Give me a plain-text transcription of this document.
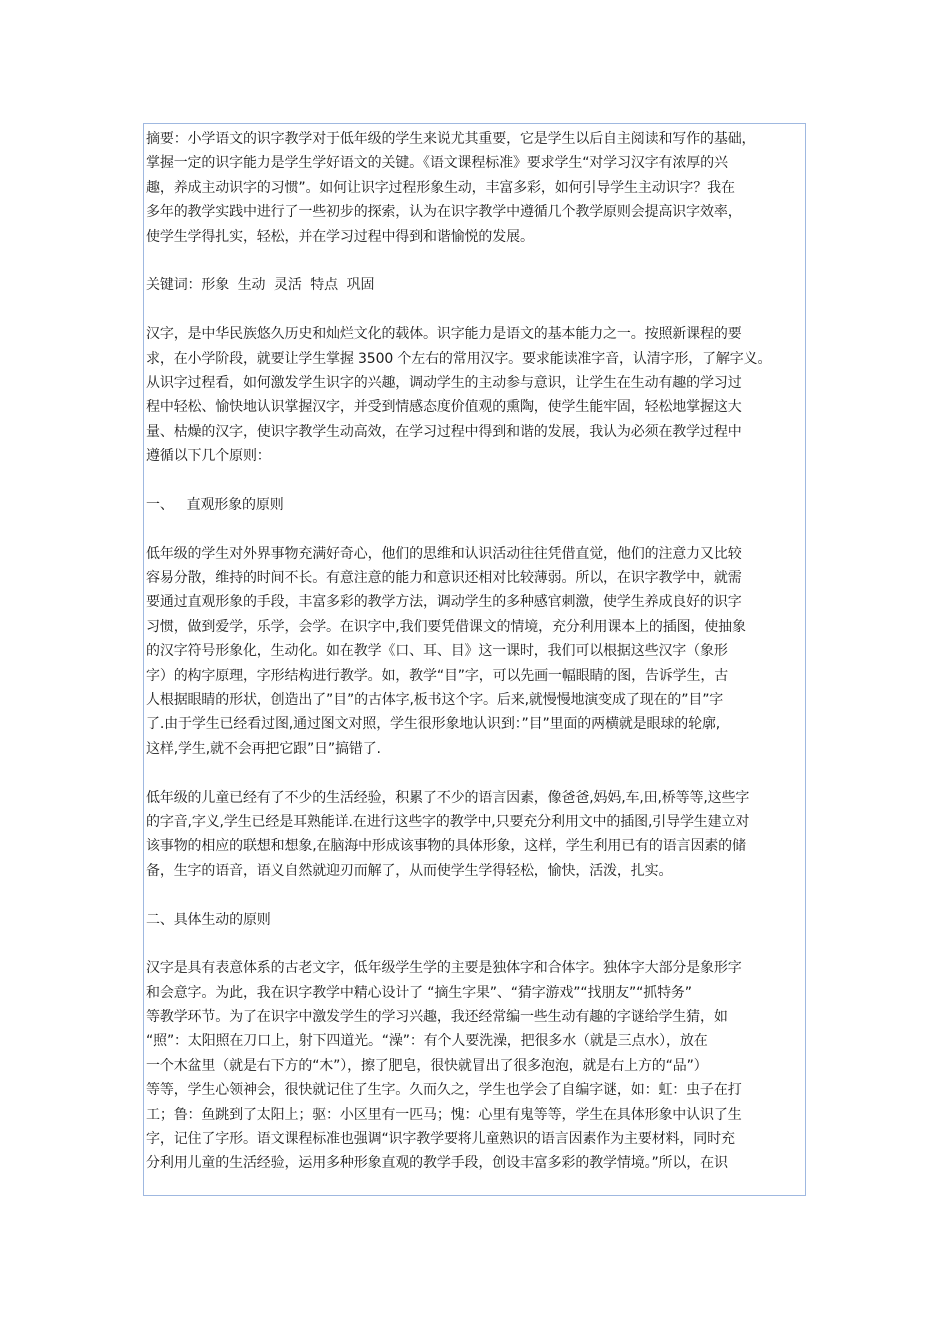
摘要：小学语文的识字教学对于低年级的学生来说尤其重要，它是学生以后自主阅读和写作的基础，
掌握一定的识字能力是学生学好语文的关键。《语文课程标准》要求学生“对学习汉字有浓厚的兴
趣，养成主动识字的习惯”。如何让识字过程形象生动，丰富多彩，如何引导学生主动识字？我在
多年的教学实践中进行了一些初步的探索，认为在识字教学中遵循几个教学原则会提高识字效率，
使学生学得扎实，轻松，并在学习过程中得到和谐愉悦的发展。
关键词：形象  生动  灵活  特点  巩固
汉字，是中华民族悠久历史和灿烂文化的载体。识字能力是语文的基本能力之一。按照新课程的要
求，在小学阶段，就要让学生掌握 3500 个左右的常用汉字。要求能读准字音，认清字形，了解字义。
从识字过程看，如何激发学生识字的兴趣，调动学生的主动参与意识，让学生在生动有趣的学习过
程中轻松、愉快地认识掌握汉字，并受到情感态度价值观的熏陶，使学生能牢固，轻松地掌握这大
量、枯燥的汉字，使识字教学生动高效，在学习过程中得到和谐的发展，我认为必须在教学过程中
遵循以下几个原则：
一、   直观形象的原则
低年级的学生对外界事物充满好奇心，他们的思维和认识活动往往凭借直觉，他们的注意力又比较
容易分散，维持的时间不长。有意注意的能力和意识还相对比较薄弱。所以，在识字教学中，就需
要通过直观形象的手段，丰富多彩的教学方法，调动学生的多种感官刺激，使学生养成良好的识字
习惯，做到爱学，乐学，会学。在识字中,我们要凭借课文的情境，充分利用课本上的插图，使抽象
的汉字符号形象化，生动化。如在教学《口、耳、目》这一课时，我们可以根据这些汉字（象形
字）的构字原理，字形结构进行教学。如，教学“目”字，可以先画一幅眼睛的图，告诉学生，古
人根据眼睛的形状，创造出了”目”的古体字,板书这个字。后来,就慢慢地演变成了现在的”目”字
了.由于学生已经看过图,通过图文对照，学生很形象地认识到：”目”里面的两横就是眼球的轮廓,
这样,学生,就不会再把它跟”日”搞错了.
低年级的儿童已经有了不少的生活经验，积累了不少的语言因素，像爸爸,妈妈,车,田,桥等等,这些字
的字音,字义,学生已经是耳熟能详.在进行这些字的教学中,只要充分利用文中的插图,引导学生建立对
该事物的相应的联想和想象,在脑海中形成该事物的具体形象，这样，学生利用已有的语言因素的储
备，生字的语音，语义自然就迎刃而解了，从而使学生学得轻松，愉快，活泼，扎实。
二、具体生动的原则
汉字是具有表意体系的古老文字，低年级学生学的主要是独体字和合体字。独体字大部分是象形字
和会意字。为此，我在识字教学中精心设计了 “摘生字果”、“猜字游戏”“找朋友”“抓特务”
等教学环节。为了在识字中激发学生的学习兴趣，我还经常编一些生动有趣的字谜给学生猜，如
“照”：太阳照在刀口上，射下四道光。“澡”：有个人要洗澡，把很多水（就是三点水），放在
一个木盆里（就是右下方的“木”），擦了肥皂，很快就冒出了很多泡泡，就是右上方的“品”）
等等，学生心领神会，很快就记住了生字。久而久之，学生也学会了自编字谜，如：虹：虫子在打
工；鲁：鱼跳到了太阳上；驱：小区里有一匹马；愧：心里有鬼等等，学生在具体形象中认识了生
字，记住了字形。语文课程标准也强调“识字教学要将儿童熟识的语言因素作为主要材料，同时充
分利用儿童的生活经验，运用多种形象直观的教学手段，创设丰富多彩的教学情境。”所以，在识
